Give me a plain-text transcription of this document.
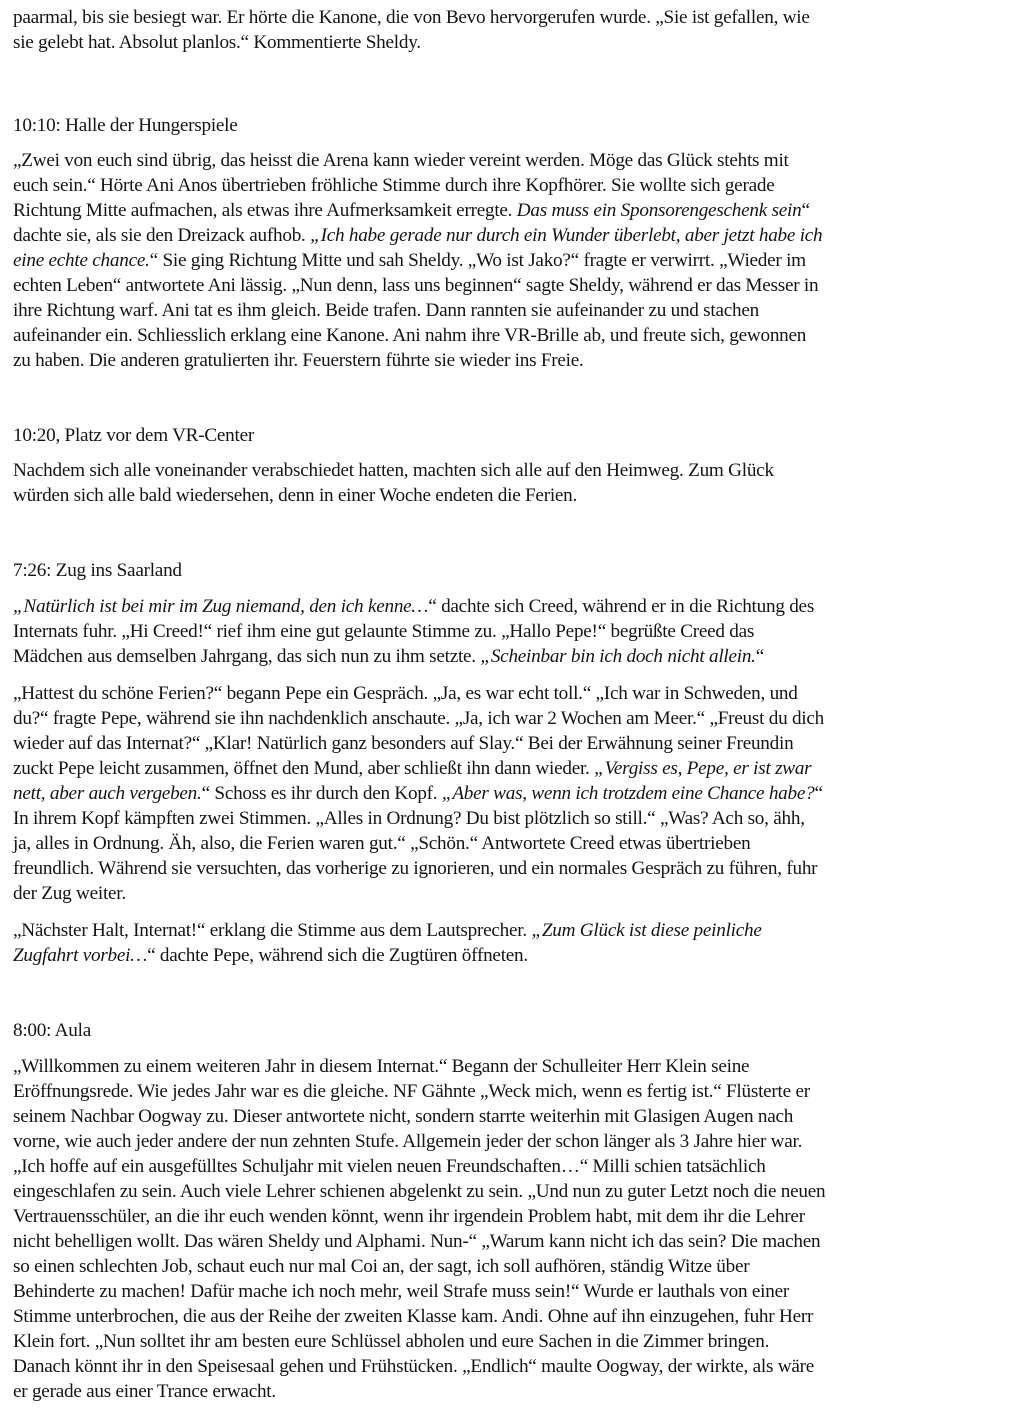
paarmal, bis sie besiegt war. Er hörte die Kanone, die von Bevo hervorgerufen wurde. „Sie ist gefallen, wie
sie gelebt hat. Absolut planlos.“ Kommentierte Sheldy.
10:10: Halle der Hungerspiele
„Zwei von euch sind übrig, das heisst die Arena kann wieder vereint werden. Möge das Glück stehts mit
euch sein.“ Hörte Ani Anos übertrieben fröhliche Stimme durch ihre Kopfhörer. Sie wollte sich gerade
Richtung Mitte aufmachen, als etwas ihre Aufmerksamkeit erregte. Das muss ein Sponsorengeschenk sein“
dachte sie, als sie den Dreizack aufhob. „Ich habe gerade nur durch ein Wunder überlebt, aber jetzt habe ich
eine echte chance.“ Sie ging Richtung Mitte und sah Sheldy. „Wo ist Jako?“ fragte er verwirrt. „Wieder im
echten Leben“ antwortete Ani lässig. „Nun denn, lass uns beginnen“ sagte Sheldy, während er das Messer in
ihre Richtung warf. Ani tat es ihm gleich. Beide trafen. Dann rannten sie aufeinander zu und stachen
aufeinander ein. Schliesslich erklang eine Kanone. Ani nahm ihre VR-Brille ab, und freute sich, gewonnen
zu haben. Die anderen gratulierten ihr. Feuerstern führte sie wieder ins Freie.
10:20, Platz vor dem VR-Center
Nachdem sich alle voneinander verabschiedet hatten, machten sich alle auf den Heimweg. Zum Glück
würden sich alle bald wiedersehen, denn in einer Woche endeten die Ferien.
7:26: Zug ins Saarland
„Natürlich ist bei mir im Zug niemand, den ich kenne…“ dachte sich Creed, während er in die Richtung des
Internats fuhr. „Hi Creed!“ rief ihm eine gut gelaunte Stimme zu. „Hallo Pepe!“ begrüßte Creed das
Mädchen aus demselben Jahrgang, das sich nun zu ihm setzte. „Scheinbar bin ich doch nicht allein.“
„Hattest du schöne Ferien?“ begann Pepe ein Gespräch. „Ja, es war echt toll.“ „Ich war in Schweden, und
du?“ fragte Pepe, während sie ihn nachdenklich anschaute. „Ja, ich war 2 Wochen am Meer.“ „Freust du dich
wieder auf das Internat?“ „Klar! Natürlich ganz besonders auf Slay.“ Bei der Erwähnung seiner Freundin
zuckt Pepe leicht zusammen, öffnet den Mund, aber schließt ihn dann wieder. „Vergiss es, Pepe, er ist zwar
nett, aber auch vergeben.“ Schoss es ihr durch den Kopf. „Aber was, wenn ich trotzdem eine Chance habe?“
In ihrem Kopf kämpften zwei Stimmen. „Alles in Ordnung? Du bist plötzlich so still.“ „Was? Ach so, ähh,
ja, alles in Ordnung. Äh, also, die Ferien waren gut.“ „Schön.“ Antwortete Creed etwas übertrieben
freundlich. Während sie versuchten, das vorherige zu ignorieren, und ein normales Gespräch zu führen, fuhr
der Zug weiter.
„Nächster Halt, Internat!“ erklang die Stimme aus dem Lautsprecher. „Zum Glück ist diese peinliche
Zugfahrt vorbei…“ dachte Pepe, während sich die Zugtüren öffneten.
8:00: Aula
„Willkommen zu einem weiteren Jahr in diesem Internat.“ Begann der Schulleiter Herr Klein seine
Eröffnungsrede. Wie jedes Jahr war es die gleiche. NF Gähnte „Weck mich, wenn es fertig ist.“ Flüsterte er
seinem Nachbar Oogway zu. Dieser antwortete nicht, sondern starrte weiterhin mit Glasigen Augen nach
vorne, wie auch jeder andere der nun zehnten Stufe. Allgemein jeder der schon länger als 3 Jahre hier war.
„Ich hoffe auf ein ausgefülltes Schuljahr mit vielen neuen Freundschaften…“ Milli schien tatsächlich
eingeschlafen zu sein. Auch viele Lehrer schienen abgelenkt zu sein. „Und nun zu guter Letzt noch die neuen
Vertrauensschüler, an die ihr euch wenden könnt, wenn ihr irgendein Problem habt, mit dem ihr die Lehrer
nicht behelligen wollt. Das wären Sheldy und Alphami. Nun-“ „Warum kann nicht ich das sein? Die machen
so einen schlechten Job, schaut euch nur mal Coi an, der sagt, ich soll aufhören, ständig Witze über
Behinderte zu machen! Dafür mache ich noch mehr, weil Strafe muss sein!“ Wurde er lauthals von einer
Stimme unterbrochen, die aus der Reihe der zweiten Klasse kam. Andi. Ohne auf ihn einzugehen, fuhr Herr
Klein fort. „Nun solltet ihr am besten eure Schlüssel abholen und eure Sachen in die Zimmer bringen.
Danach könnt ihr in den Speisesaal gehen und Frühstücken. „Endlich“ maulte Oogway, der wirkte, als wäre
er gerade aus einer Trance erwacht.
